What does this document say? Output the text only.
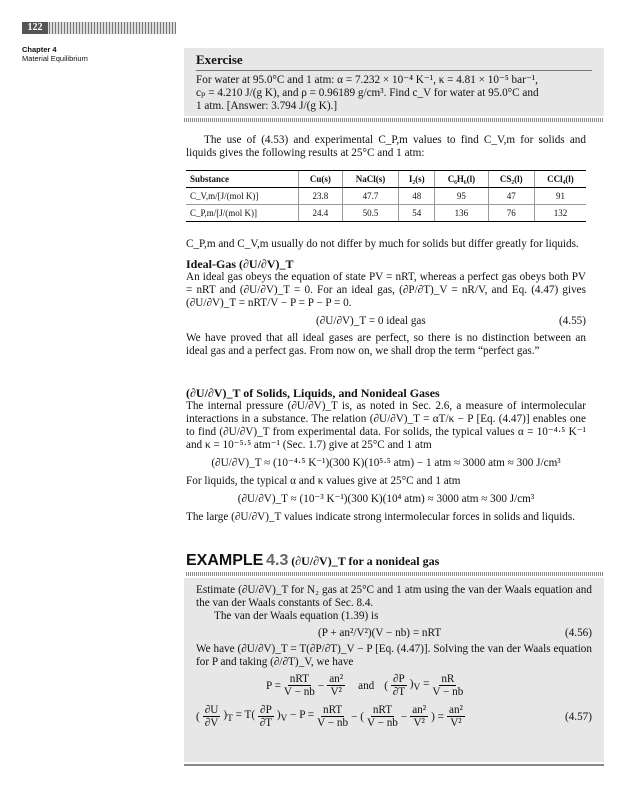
122
Chapter 4
Material Equilibrium	Exercise

For water at 95.0°C and 1 atm: α = 7.232 × 10⁻⁴ K⁻¹, κ = 4.81 × 10⁻⁵ bar⁻¹,

cₚ = 4.210 J/(g K), and ρ = 0.96189 g/cm³. Find c_V for water at 95.0°C and

1 atm. [Answer: 3.794 J/(g K).]

The use of (4.53) and experimental C_P,m values to find C_V,m for solids and liquids gives the following results at 25°C and 1 atm:

Substance	Cu(s)	NaCl(s)	I₂(s)	C₆H₆(l)	CS₂(l)	CCl₄(l)
C_V,m/[J/(mol K)]	23.8	47.7	48	95	47	91
C_P,m/[J/(mol K)]	24.4	50.5	54	136	76	132

C_P,m and C_V,m usually do not differ by much for solids but differ greatly for liquids.

Ideal-Gas (∂U/∂V)_T

An ideal gas obeys the equation of state PV = nRT, whereas a perfect gas obeys both PV = nRT and (∂U/∂V)_T = 0. For an ideal gas, (∂P/∂T)_V = nR/V, and Eq. (4.47) gives (∂U/∂V)_T = nRT/V − P = P − P = 0.

(∂U/∂V)_T = 0 ideal gas	(4.55)

We have proved that all ideal gases are perfect, so there is no distinction between an ideal gas and a perfect gas. From now on, we shall drop the term “perfect gas.”

(∂U/∂V)_T of Solids, Liquids, and Nonideal Gases

The internal pressure (∂U/∂V)_T is, as noted in Sec. 2.6, a measure of intermolecular interactions in a substance. The relation (∂U/∂V)_T = αT/κ − P [Eq. (4.47)] enables one to find (∂U/∂V)_T from experimental data. For solids, the typical values α = 10⁻⁴·⁵ K⁻¹ and κ = 10⁻⁵·⁵ atm⁻¹ (Sec. 1.7) give at 25°C and 1 atm

(∂U/∂V)_T ≈ (10⁻⁴·⁵ K⁻¹)(300 K)(10⁵·⁵ atm) − 1 atm ≈ 3000 atm ≈ 300 J/cm³

For liquids, the typical α and κ values give at 25°C and 1 atm

(∂U/∂V)_T ≈ (10⁻³ K⁻¹)(300 K)(10⁴ atm) ≈ 3000 atm ≈ 300 J/cm³

The large (∂U/∂V)_T values indicate strong intermolecular forces in solids and liquids.

EXAMPLE 4.3 (∂U/∂V)_T for a nonideal gas

Estimate (∂U/∂V)_T for N₂ gas at 25°C and 1 atm using the van der Waals equation and the van der Waals constants of Sec. 8.4.

The van der Waals equation (1.39) is

(P + an²/V²)(V − nb) = nRT	(4.56)

We have (∂U/∂V)_T = T(∂P/∂T)_V − P [Eq. (4.47)]. Solving the van der Waals equation for P and taking (∂/∂T)_V, we have

$P = \frac{\text{nRT}}{V - nb} - \frac{\text{an²}}{\text{V²}}$ and ( $\frac{\partial P}{\partial T} )_V = \frac{nR}{V - nb}$
( $\frac{\partial U}{\partial V} )_T = T( \frac{\partial P}{\partial T} )_V - P = \frac{\text{nRT}}{V - nb}$ − ( $\frac{\text{nRT}}{V - nb} - \frac{\text{an²}}{\text{V²}}$ ) = $\frac{\text{an²}}{\text{V²}}$	(4.57)
